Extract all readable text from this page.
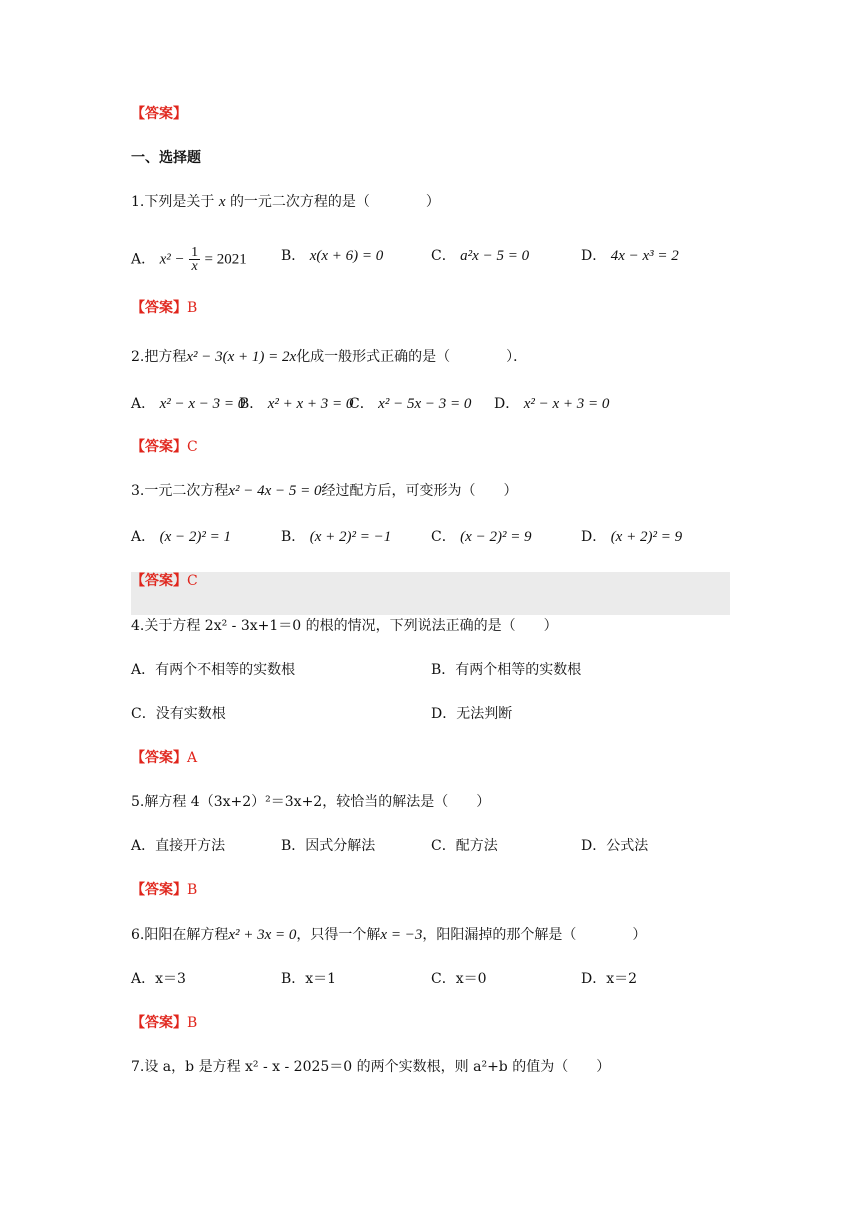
【答案】
一、选择题
1.下列是关于 x 的一元二次方程的是（　　　　）
A． $x^2 - \frac{1}{x} = 2021$ B． x(x + 6) = 0	C． a²x − 5 = 0	D． 4x − x³ = 2
【答案】B
2.把方程x² − 3(x + 1) = 2x化成一般形式正确的是（　　　　）．
A． x² − x − 3 = 0
B． x² + x + 3 = 0
C． x² − 5x − 3 = 0 D． x² − x + 3 = 0
【答案】C
3.一元二次方程x² − 4x − 5 = 0经过配方后，可变形为（　　）
A． (x − 2)² = 1	B． (x + 2)² = −1	C． (x − 2)² = 9	D． (x + 2)² = 9
【答案】C
4.关于方程 2x² - 3x+1＝0 的根的情况，下列说法正确的是（　　）
A．有两个不相等的实数根	B．有两个相等的实数根
C．没有实数根	D．无法判断
【答案】A
5.解方程 4（3x+2）²＝3x+2，较恰当的解法是（　　）
A．直接开方法	B．因式分解法	C．配方法	D．公式法
【答案】B
6.阳阳在解方程x² + 3x = 0，只得一个解x = −3，阳阳漏掉的那个解是（　　　　）
A．x＝3	B．x＝1	C．x＝0	D．x＝2
【答案】B
7.设 a，b 是方程 x² - x - 2025＝0 的两个实数根，则 a²+b 的值为（　　）
